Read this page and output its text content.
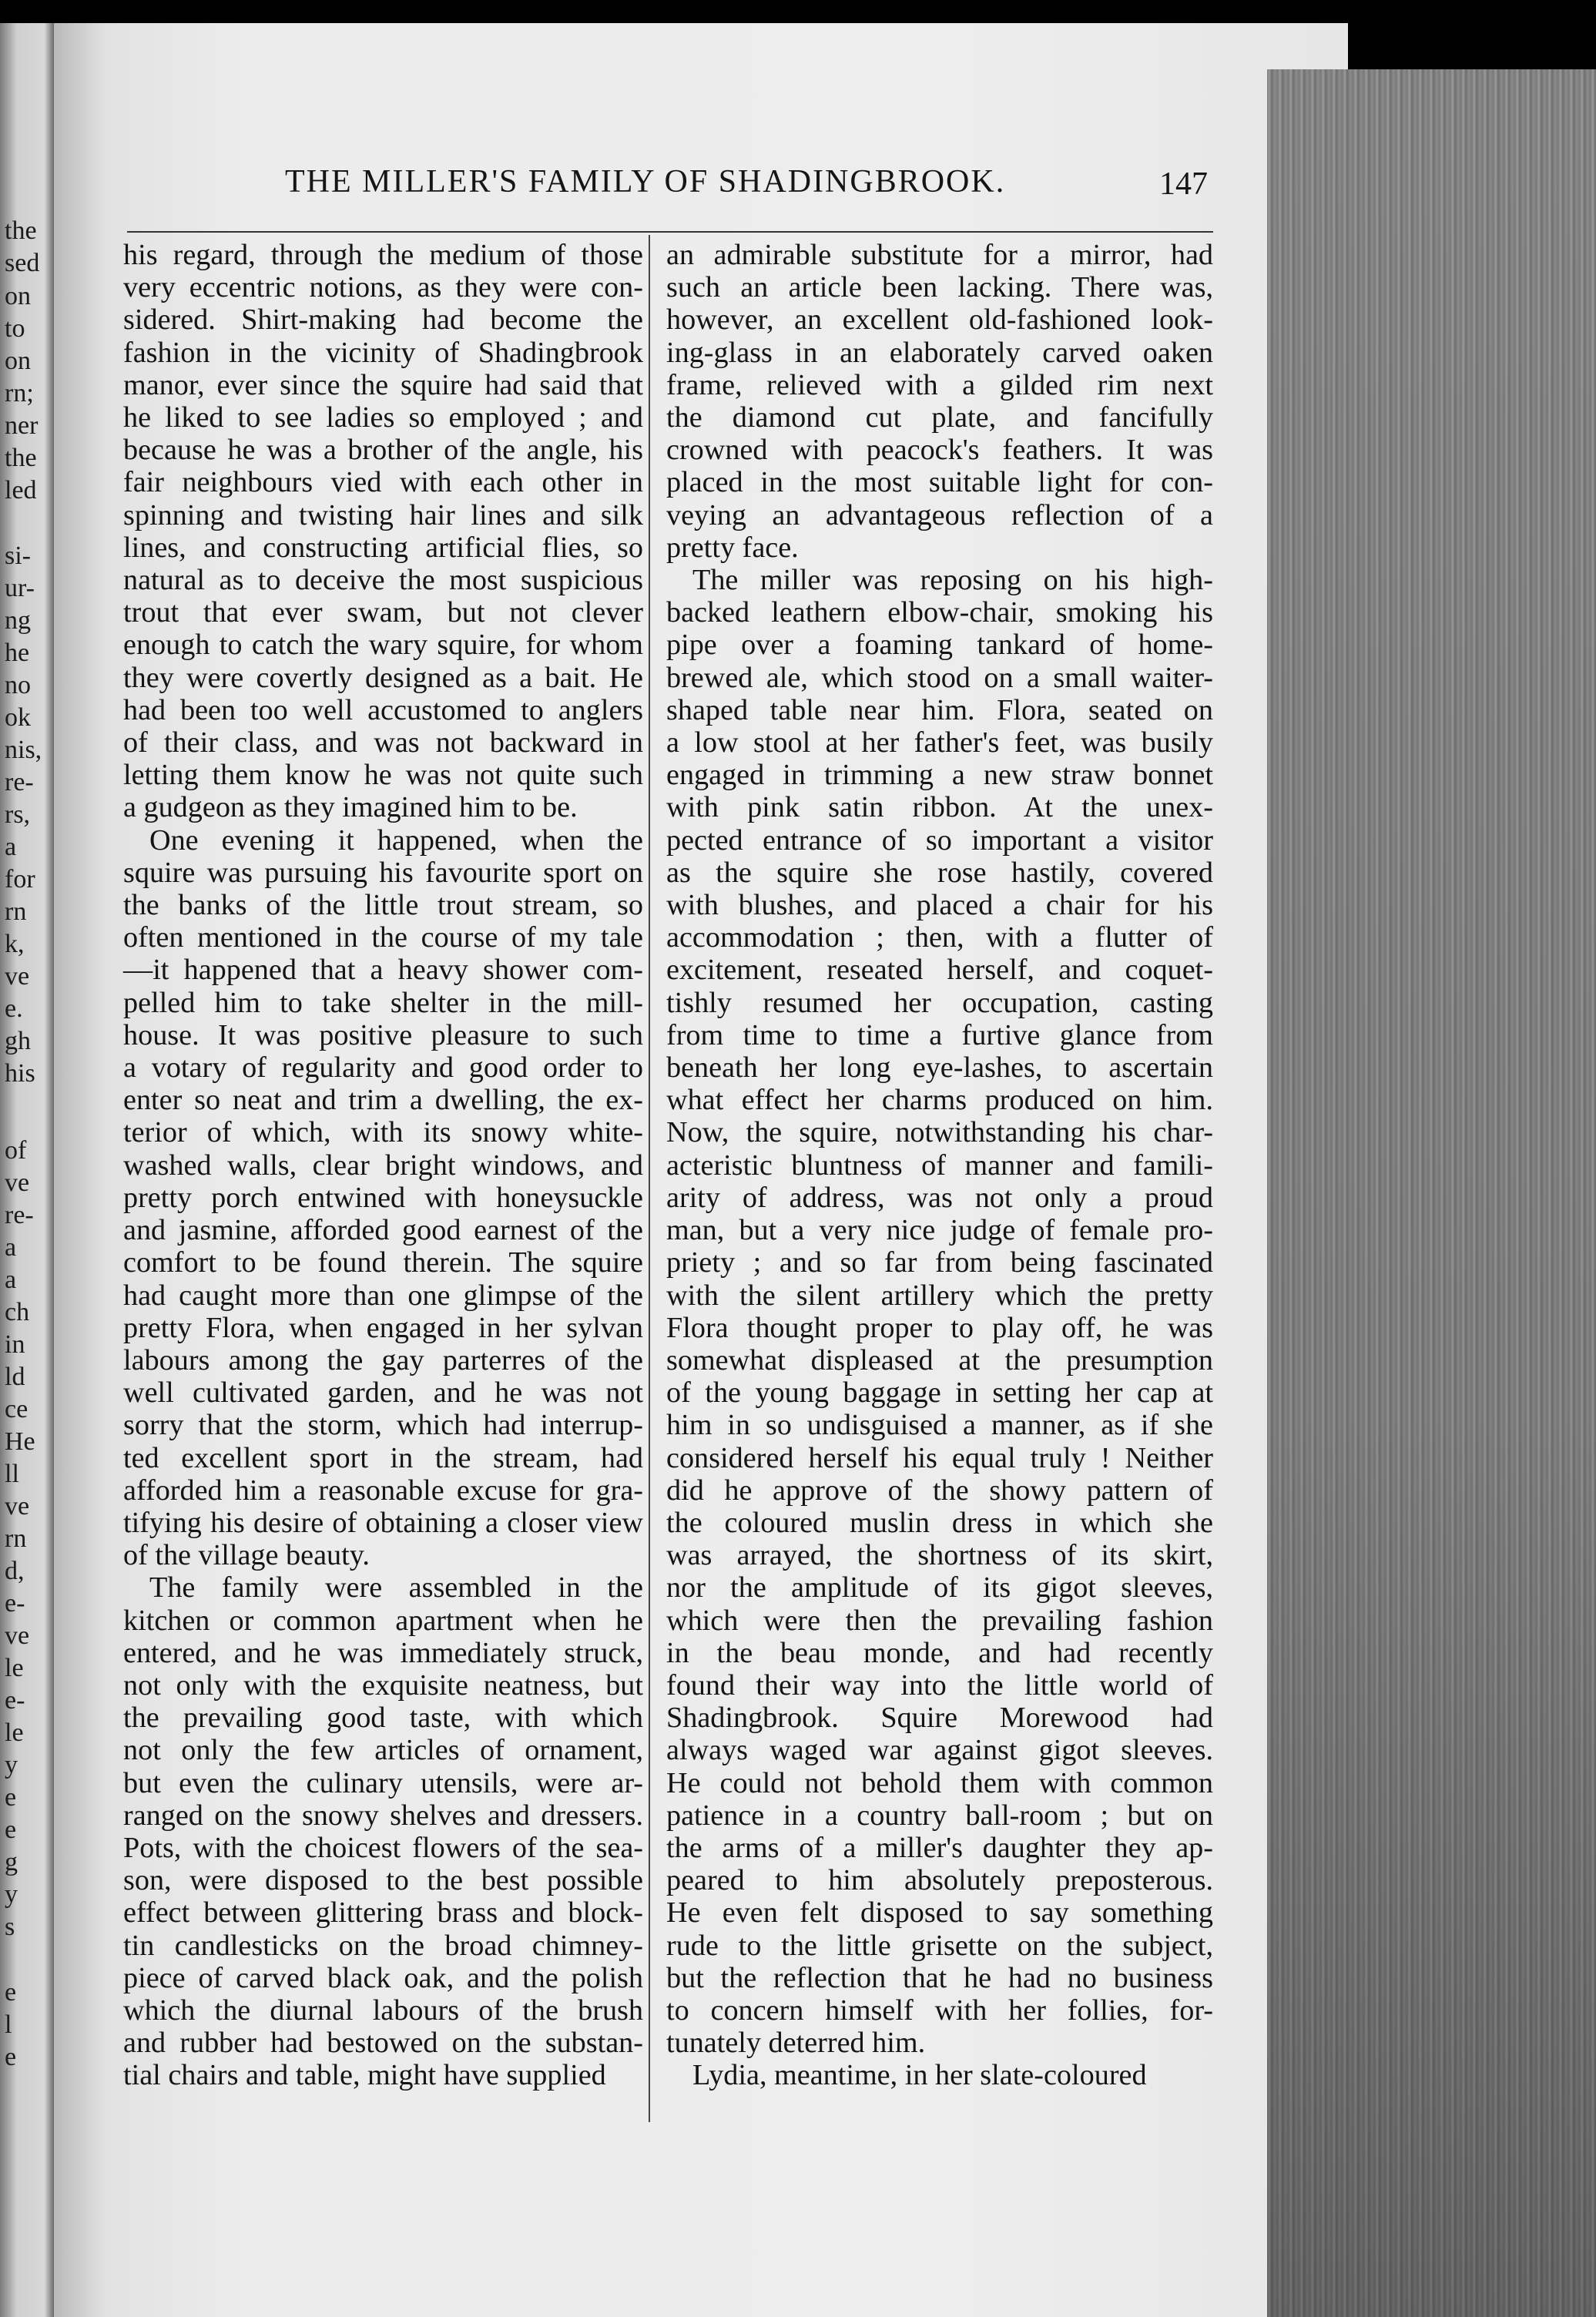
the
sed
on
to
on
rn;
ner
the
led
si-
ur-
ng
he
no
ok
nis,
re-
rs,
a
for
rn
k,
ve
e.
gh
his
of
ve
re-
a
a
ch
in
ld
ce
He
ll
ve
rn
d,
e-
ve
le
e-
le
y
e
e
g
y
s
e
l
e
THE MILLER'S FAMILY OF SHADINGBROOK.	147

his regard, through the medium of those
very eccentric notions, as they were con-
sidered. Shirt-making had become the
fashion in the vicinity of Shadingbrook
manor, ever since the squire had said that
he liked to see ladies so employed ; and
because he was a brother of the angle, his
fair neighbours vied with each other in
spinning and twisting hair lines and silk
lines, and constructing artificial flies, so
natural as to deceive the most suspicious
trout that ever swam, but not clever
enough to catch the wary squire, for whom
they were covertly designed as a bait. He
had been too well accustomed to anglers
of their class, and was not backward in
letting them know he was not quite such
a gudgeon as they imagined him to be.

One evening it happened, when the
squire was pursuing his favourite sport on
the banks of the little trout stream, so
often mentioned in the course of my tale
—it happened that a heavy shower com-
pelled him to take shelter in the mill-
house. It was positive pleasure to such
a votary of regularity and good order to
enter so neat and trim a dwelling, the ex-
terior of which, with its snowy white-
washed walls, clear bright windows, and
pretty porch entwined with honeysuckle
and jasmine, afforded good earnest of the
comfort to be found therein. The squire
had caught more than one glimpse of the
pretty Flora, when engaged in her sylvan
labours among the gay parterres of the
well cultivated garden, and he was not
sorry that the storm, which had interrup-
ted excellent sport in the stream, had
afforded him a reasonable excuse for gra-
tifying his desire of obtaining a closer view
of the village beauty.

The family were assembled in the
kitchen or common apartment when he
entered, and he was immediately struck,
not only with the exquisite neatness, but
the prevailing good taste, with which
not only the few articles of ornament,
but even the culinary utensils, were ar-
ranged on the snowy shelves and dressers.
Pots, with the choicest flowers of the sea-
son, were disposed to the best possible
effect between glittering brass and block-
tin candlesticks on the broad chimney-
piece of carved black oak, and the polish
which the diurnal labours of the brush
and rubber had bestowed on the substan-
tial chairs and table, might have supplied

an admirable substitute for a mirror, had
such an article been lacking. There was,
however, an excellent old-fashioned look-
ing-glass in an elaborately carved oaken
frame, relieved with a gilded rim next
the diamond cut plate, and fancifully
crowned with peacock's feathers. It was
placed in the most suitable light for con-
veying an advantageous reflection of a
pretty face.

The miller was reposing on his high-
backed leathern elbow-chair, smoking his
pipe over a foaming tankard of home-
brewed ale, which stood on a small waiter-
shaped table near him. Flora, seated on
a low stool at her father's feet, was busily
engaged in trimming a new straw bonnet
with pink satin ribbon. At the unex-
pected entrance of so important a visitor
as the squire she rose hastily, covered
with blushes, and placed a chair for his
accommodation ; then, with a flutter of
excitement, reseated herself, and coquet-
tishly resumed her occupation, casting
from time to time a furtive glance from
beneath her long eye-lashes, to ascertain
what effect her charms produced on him.
Now, the squire, notwithstanding his char-
acteristic bluntness of manner and famili-
arity of address, was not only a proud
man, but a very nice judge of female pro-
priety ; and so far from being fascinated
with the silent artillery which the pretty
Flora thought proper to play off, he was
somewhat displeased at the presumption
of the young baggage in setting her cap at
him in so undisguised a manner, as if she
considered herself his equal truly ! Neither
did he approve of the showy pattern of
the coloured muslin dress in which she
was arrayed, the shortness of its skirt,
nor the amplitude of its gigot sleeves,
which were then the prevailing fashion
in the beau monde, and had recently
found their way into the little world of
Shadingbrook. Squire Morewood had
always waged war against gigot sleeves.
He could not behold them with common
patience in a country ball-room ; but on
the arms of a miller's daughter they ap-
peared to him absolutely preposterous.
He even felt disposed to say something
rude to the little grisette on the subject,
but the reflection that he had no business
to concern himself with her follies, for-
tunately deterred him.

Lydia, meantime, in her slate-coloured
